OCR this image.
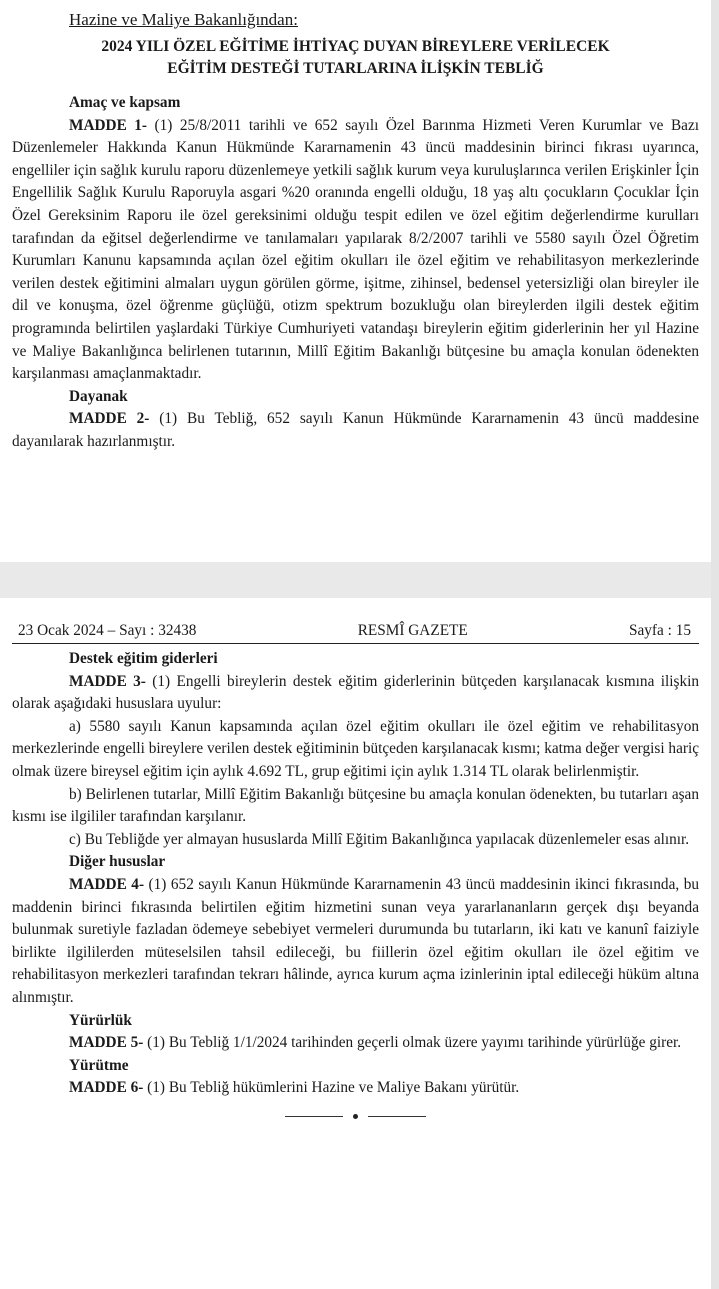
Hazine ve Maliye Bakanlığından:
2024 YILI ÖZEL EĞİTİME İHTİYAÇ DUYAN BİREYLERE VERİLECEK
EĞİTİM DESTEĞİ TUTARLARINA İLİŞKİN TEBLİĞ
Amaç ve kapsam

MADDE 1- (1) 25/8/2011 tarihli ve 652 sayılı Özel Barınma Hizmeti Veren Kurumlar ve Bazı Düzenlemeler Hakkında Kanun Hükmünde Kararnamenin 43 üncü maddesinin birinci fıkrası uyarınca, engelliler için sağlık kurulu raporu düzenlemeye yetkili sağlık kurum veya kuruluşlarınca verilen Erişkinler İçin Engellilik Sağlık Kurulu Raporuyla asgari %20 oranında engelli olduğu, 18 yaş altı çocukların Çocuklar İçin Özel Gereksinim Raporu ile özel gereksinimi olduğu tespit edilen ve özel eğitim değerlendirme kurulları tarafından da eğitsel değerlendirme ve tanılamaları yapılarak 8/2/2007 tarihli ve 5580 sayılı Özel Öğretim Kurumları Kanunu kapsamında açılan özel eğitim okulları ile özel eğitim ve rehabilitasyon merkezlerinde verilen destek eğitimini almaları uygun görülen görme, işitme, zihinsel, bedensel yetersizliği olan bireyler ile dil ve konuşma, özel öğrenme güçlüğü, otizm spektrum bozukluğu olan bireylerden ilgili destek eğitim programında belirtilen yaşlardaki Türkiye Cumhuriyeti vatandaşı bireylerin eğitim giderlerinin her yıl Hazine ve Maliye Bakanlığınca belirlenen tutarının, Millî Eğitim Bakanlığı bütçesine bu amaçla konulan ödenekten karşılanması amaçlanmaktadır.

Dayanak

MADDE 2- (1) Bu Tebliğ, 652 sayılı Kanun Hükmünde Kararnamenin 43 üncü maddesine dayanılarak hazırlanmıştır.

23 Ocak 2024 – Sayı : 32438	RESMÎ GAZETE	Sayfa : 15
Destek eğitim giderleri

MADDE 3- (1) Engelli bireylerin destek eğitim giderlerinin bütçeden karşılanacak kısmına ilişkin olarak aşağıdaki hususlara uyulur:

a) 5580 sayılı Kanun kapsamında açılan özel eğitim okulları ile özel eğitim ve rehabilitasyon merkezlerinde engelli bireylere verilen destek eğitiminin bütçeden karşılanacak kısmı; katma değer vergisi hariç olmak üzere bireysel eğitim için aylık 4.692 TL, grup eğitimi için aylık 1.314 TL olarak belirlenmiştir.

b) Belirlenen tutarlar, Millî Eğitim Bakanlığı bütçesine bu amaçla konulan ödenekten, bu tutarları aşan kısmı ise ilgililer tarafından karşılanır.

c) Bu Tebliğde yer almayan hususlarda Millî Eğitim Bakanlığınca yapılacak düzenlemeler esas alınır.

Diğer hususlar

MADDE 4- (1) 652 sayılı Kanun Hükmünde Kararnamenin 43 üncü maddesinin ikinci fıkrasında, bu maddenin birinci fıkrasında belirtilen eğitim hizmetini sunan veya yararlananların gerçek dışı beyanda bulunmak suretiyle fazladan ödemeye sebebiyet vermeleri durumunda bu tutarların, iki katı ve kanunî faiziyle birlikte ilgililerden müteselsilen tahsil edileceği, bu fiillerin özel eğitim okulları ile özel eğitim ve rehabilitasyon merkezleri tarafından tekrarı hâlinde, ayrıca kurum açma izinlerinin iptal edileceği hüküm altına alınmıştır.

Yürürlük

MADDE 5- (1) Bu Tebliğ 1/1/2024 tarihinden geçerli olmak üzere yayımı tarihinde yürürlüğe girer.

Yürütme

MADDE 6- (1) Bu Tebliğ hükümlerini Hazine ve Maliye Bakanı yürütür.
